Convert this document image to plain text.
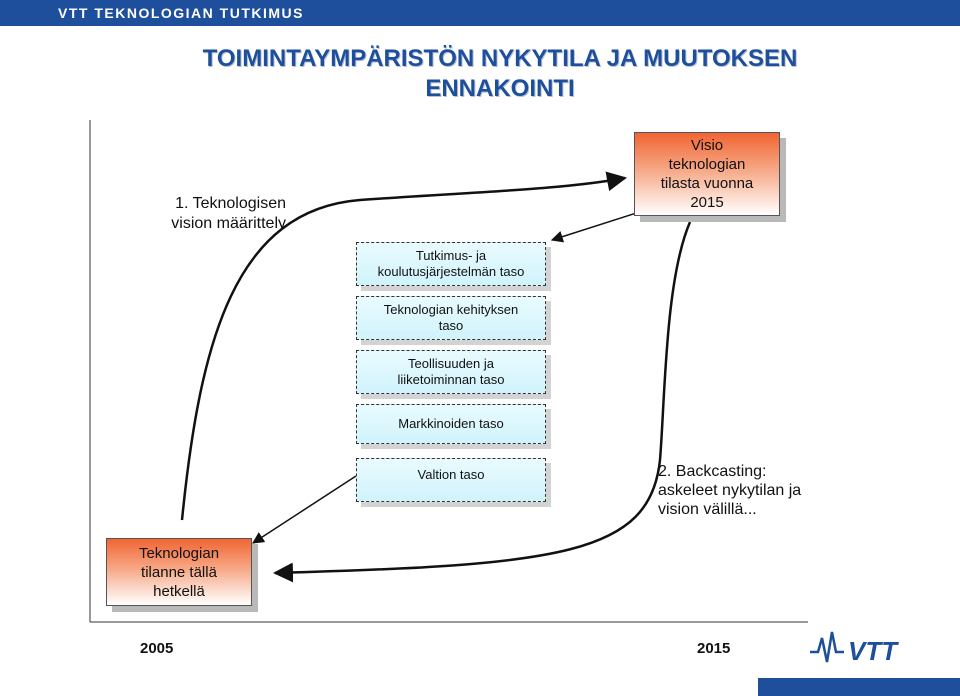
VTT TEKNOLOGIAN TUTKIMUS
TOIMINTAYMPÄRISTÖN NYKYTILA JA MUUTOKSEN
ENNAKOINTI
Visio
teknologian
tilasta vuonna
2015
1. Teknologisen
vision määrittely
Tutkimus- ja
koulutusjärjestelmän taso
Teknologian kehityksen
taso
Teollisuuden ja
liiketoiminnan taso
Markkinoiden taso
Valtion taso	2. Backcasting:
askeleet nykytilan ja
vision välillä...
Teknologian
tilanne tällä
hetkellä
2005	2015	VTT
